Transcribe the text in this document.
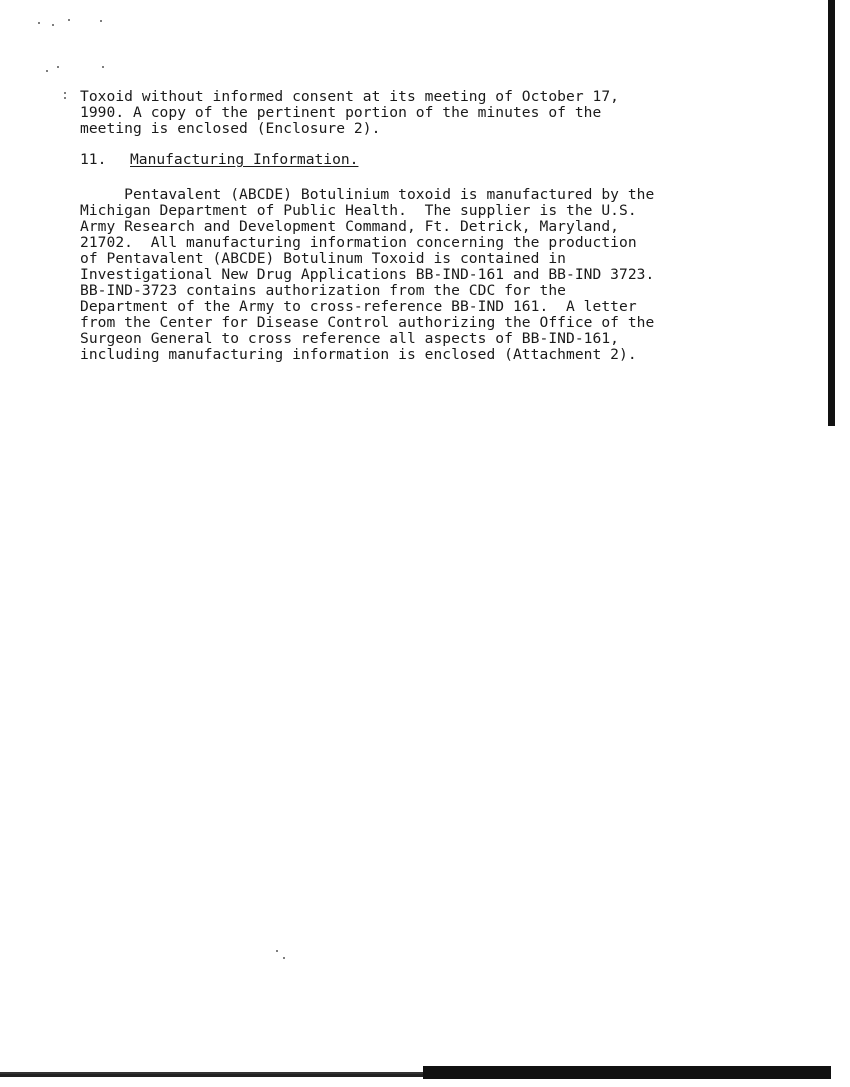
Toxoid without informed consent at its meeting of October 17,
1990. A copy of the pertinent portion of the minutes of the
meeting is enclosed (Enclosure 2).
11. Manufacturing Information.
Pentavalent (ABCDE) Botulinium toxoid is manufactured by the
Michigan Department of Public Health.  The supplier is the U.S.
Army Research and Development Command, Ft. Detrick, Maryland,
21702.  All manufacturing information concerning the production
of Pentavalent (ABCDE) Botulinum Toxoid is contained in
Investigational New Drug Applications BB-IND-161 and BB-IND 3723.
BB-IND-3723 contains authorization from the CDC for the
Department of the Army to cross-reference BB-IND 161.  A letter
from the Center for Disease Control authorizing the Office of the
Surgeon General to cross reference all aspects of BB-IND-161,
including manufacturing information is enclosed (Attachment 2).
